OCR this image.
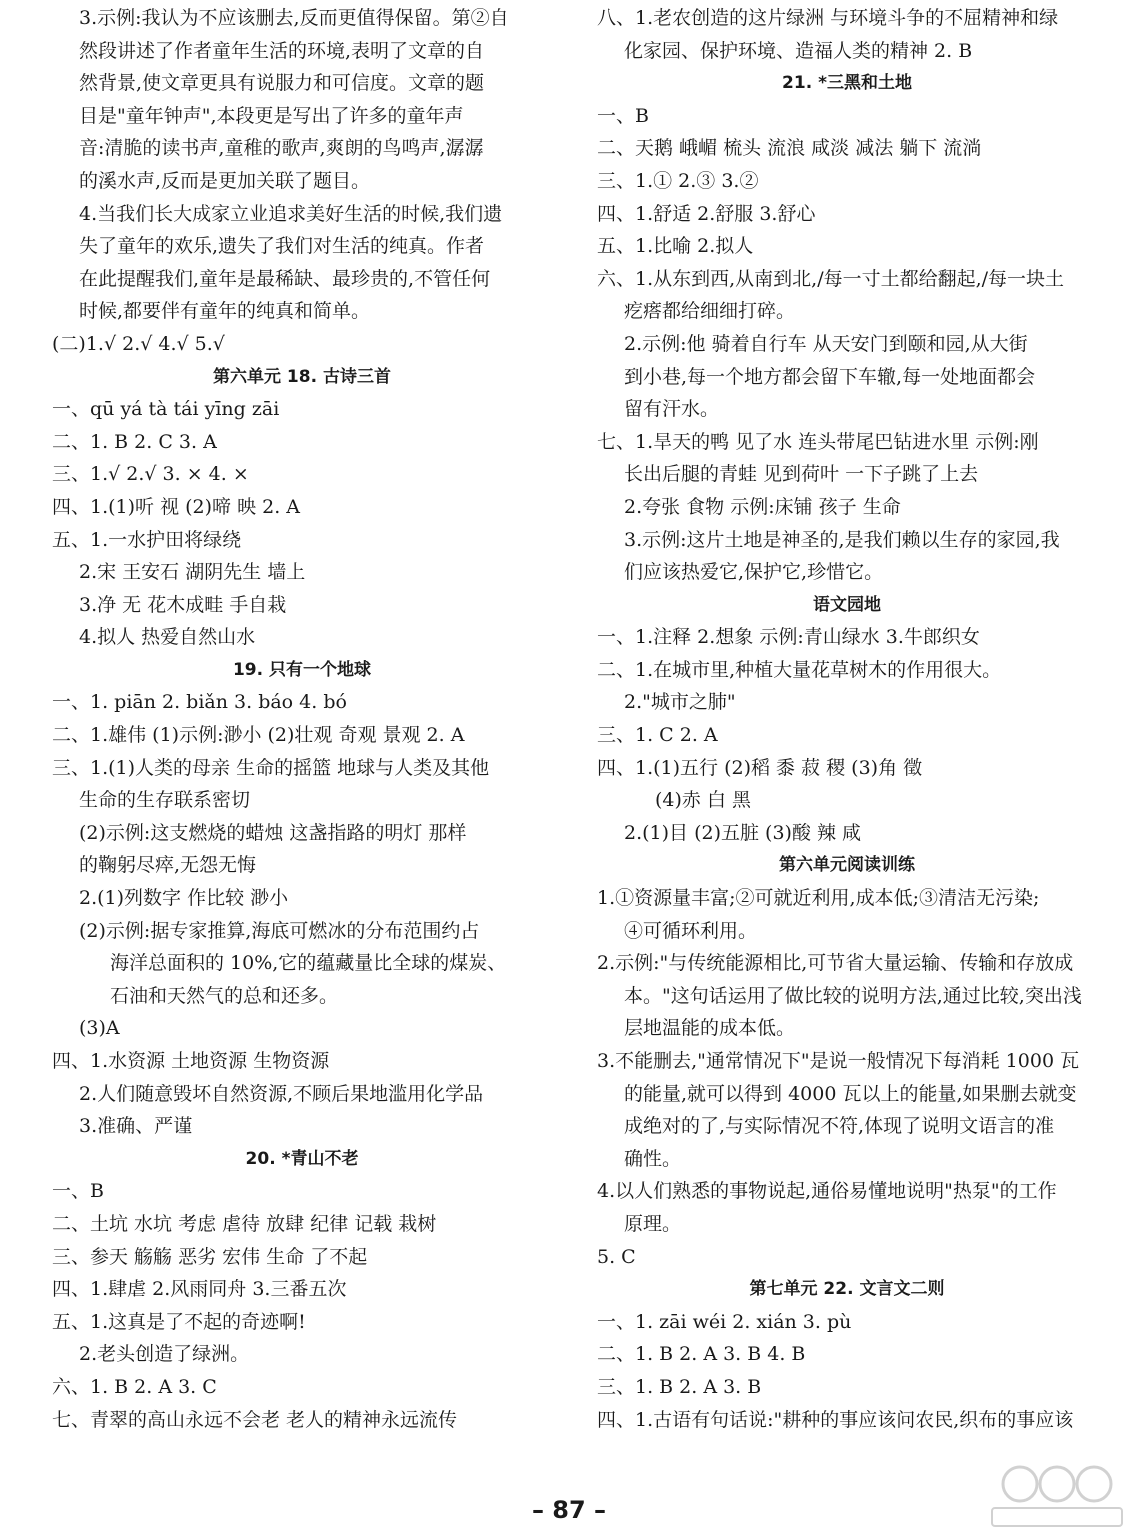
3.示例:我认为不应该删去,反而更值得保留。第②自
然段讲述了作者童年生活的环境,表明了文章的自
然背景,使文章更具有说服力和可信度。文章的题
目是"童年钟声",本段更是写出了许多的童年声
音:清脆的读书声,童稚的歌声,爽朗的鸟鸣声,潺潺
的溪水声,反而是更加关联了题目。
4.当我们长大成家立业追求美好生活的时候,我们遗
失了童年的欢乐,遗失了我们对生活的纯真。作者
在此提醒我们,童年是最稀缺、最珍贵的,不管任何
时候,都要伴有童年的纯真和简单。
(二)1.√ 2.√ 4.√ 5.√
第六单元 18. 古诗三首
一、qū yá tà tái yīng zāi
二、1. B 2. C 3. A
三、1.√ 2.√ 3. × 4. ×
四、1.(1)听 视 (2)啼 映 2. A
五、1.一水护田将绿绕
2.宋 王安石 湖阴先生 墙上
3.净 无 花木成畦 手自栽
4.拟人 热爱自然山水
19. 只有一个地球
一、1. piān 2. biǎn 3. báo 4. bó
二、1.雄伟 (1)示例:渺小 (2)壮观 奇观 景观 2. A
三、1.(1)人类的母亲 生命的摇篮 地球与人类及其他
生命的生存联系密切
(2)示例:这支燃烧的蜡烛 这盏指路的明灯 那样
的鞠躬尽瘁,无怨无悔
2.(1)列数字 作比较 渺小
(2)示例:据专家推算,海底可燃冰的分布范围约占
海洋总面积的 10%,它的蕴藏量比全球的煤炭、
石油和天然气的总和还多。
(3)A
四、1.水资源 土地资源 生物资源
2.人们随意毁坏自然资源,不顾后果地滥用化学品
3.准确、严谨
20. *青山不老
一、B
二、土坑 水坑 考虑 虐待 放肆 纪律 记载 栽树
三、参天 觞觞 恶劣 宏伟 生命 了不起
四、1.肆虐 2.风雨同舟 3.三番五次
五、1.这真是了不起的奇迹啊!
2.老头创造了绿洲。
六、1. B 2. A 3. C
七、青翠的高山永远不会老 老人的精神永远流传
八、1.老农创造的这片绿洲 与环境斗争的不屈精神和绿
化家园、保护环境、造福人类的精神 2. B
21. *三黑和土地
一、B
二、天鹅 峨嵋 梳头 流浪 咸淡 减法 躺下 流淌
三、1.① 2.③ 3.②
四、1.舒适 2.舒服 3.舒心
五、1.比喻 2.拟人
六、1.从东到西,从南到北,/每一寸土都给翻起,/每一块土
疙瘩都给细细打碎。
2.示例:他 骑着自行车 从天安门到颐和园,从大街
到小巷,每一个地方都会留下车辙,每一处地面都会
留有汗水。
七、1.旱天的鸭 见了水 连头带尾巴钻进水里 示例:刚
长出后腿的青蛙 见到荷叶 一下子跳了上去
2.夸张 食物 示例:床铺 孩子 生命
3.示例:这片土地是神圣的,是我们赖以生存的家园,我
们应该热爱它,保护它,珍惜它。
语文园地
一、1.注释 2.想象 示例:青山绿水 3.牛郎织女
二、1.在城市里,种植大量花草树木的作用很大。
2."城市之肺"
三、1. C 2. A
四、1.(1)五行 (2)稻 黍 菽 稷 (3)角 徵
(4)赤 白 黑
2.(1)目 (2)五脏 (3)酸 辣 咸
第六单元阅读训练
1.①资源量丰富;②可就近利用,成本低;③清洁无污染;
④可循环利用。
2.示例:"与传统能源相比,可节省大量运输、传输和存放成
本。"这句话运用了做比较的说明方法,通过比较,突出浅
层地温能的成本低。
3.不能删去,"通常情况下"是说一般情况下每消耗 1000 瓦
的能量,就可以得到 4000 瓦以上的能量,如果删去就变
成绝对的了,与实际情况不符,体现了说明文语言的准
确性。
4.以人们熟悉的事物说起,通俗易懂地说明"热泵"的工作
原理。
5. C
第七单元 22. 文言文二则
一、1. zāi wéi 2. xián 3. pù
二、1. B 2. A 3. B 4. B
三、1. B 2. A 3. B
四、1.古语有句话说:"耕种的事应该问农民,织布的事应该
– 87 –
